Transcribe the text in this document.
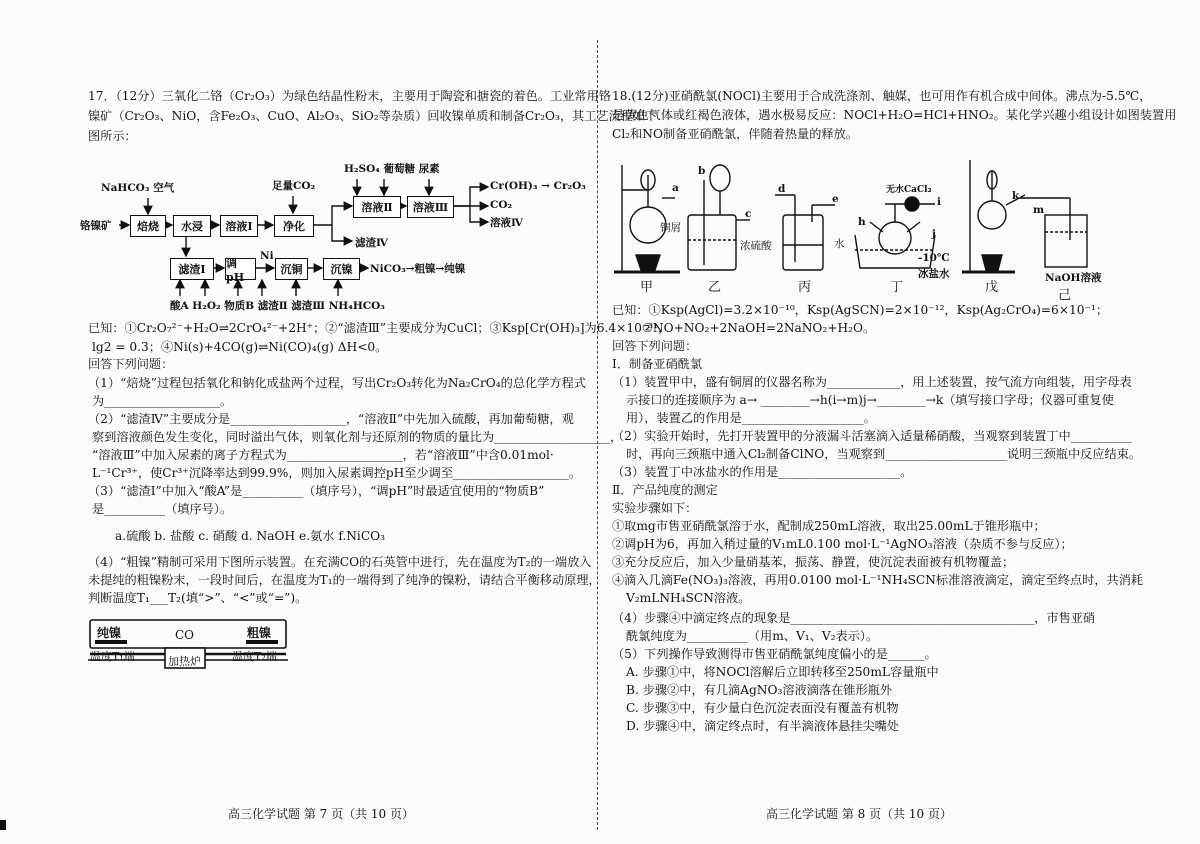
17．（12分）三氧化二铬（Cr₂O₃）为绿色结晶性粉末，主要用于陶瓷和搪瓷的着色。工业常用铬
镍矿（Cr₂O₃、NiO，含Fe₂O₃、CuO、Al₂O₃、SiO₂等杂质）回收镍单质和制备Cr₂O₃，其工艺流程如下
图所示：
NaHCO₃ 空气
铬镍矿	焙烧	水浸	溶液Ⅰ
足量CO₂
净化
H₂SO₄ 葡萄糖 尿素
溶液Ⅱ	溶液Ⅲ
Cr(OH)₃ → Cr₂O₃
CO₂
溶液Ⅳ
滤渣Ⅳ
滤渣Ⅰ	调pH
Ni
沉铜	沉镍	NiCO₃→粗镍→纯镍
酸A H₂O₂ 物质B 滤渣Ⅱ 滤渣Ⅲ NH₄HCO₃
已知：①Cr₂O₇²⁻+H₂O⇌2CrO₄²⁻+2H⁺；②“滤渣Ⅲ”主要成分为CuCl；③Ksp[Cr(OH)₃]为6.4×10⁻³¹，
lg2 = 0.3；④Ni(s)+4CO(g)⇌Ni(CO)₄(g) ΔH<0。
回答下列问题：
（1）“焙烧”过程包括氧化和钠化成盐两个过程，写出Cr₂O₃转化为Na₂CrO₄的总化学方程式
为___________________。
（2）“滤渣Ⅳ”主要成分是___________________，“溶液Ⅱ”中先加入硫酸，再加葡萄糖，观
察到溶液颜色发生变化，同时溢出气体，则氧化剂与还原剂的物质的量比为___________________，
“溶液Ⅲ”中加入尿素的离子方程式为___________________，若“溶液Ⅲ”中含0.01mol·
L⁻¹Cr³⁺，使Cr³⁺沉降率达到99.9%，则加入尿素调控pH至少调至___________________。
（3）“滤渣Ⅰ”中加入“酸A”是__________（填序号），“调pH”时最适宜使用的“物质B”
是__________（填序号）。
a.硫酸 b. 盐酸 c. 硝酸 d. NaOH e.氨水 f.NiCO₃
（4）“粗镍”精制可采用下图所示装置。在充满CO的石英管中进行，先在温度为T₂的一端放入
未提纯的粗镍粉末，一段时间后，在温度为T₁的一端得到了纯净的镍粉，请结合平衡移动原理，
判断温度T₁___T₂(填“>”、“<”或“=”)。
纯镍	CO	粗镍
温度T₁端	加热炉	温度T₂端
高三化学试题 第 7 页（共 10 页）
18.(12分)亚硝酰氯(NOCl)主要用于合成洗涤剂、触媒，也可用作有机合成中间体。沸点为-5.5℃，
是黄色气体或红褐色液体，遇水极易反应：NOCl+H₂O=HCl+HNO₂。某化学兴趣小组设计如图装置用
Cl₂和NO制备亚硝酰氯，伴随着热量的释放。
a
b
c
d
e
h
i
j
k
m
铜屑
浓硫酸	水
无水CaCl₂
-10℃
冰盐水	NaOH溶液
甲	乙	丙	丁	戊
己
已知：①Ksp(AgCl)=3.2×10⁻¹⁰，Ksp(AgSCN)=2×10⁻¹²，Ksp(Ag₂CrO₄)=6×10⁻¹；
②NO+NO₂+2NaOH=2NaNO₂+H₂O。
回答下列问题：
Ⅰ．制备亚硝酰氯
（1）装置甲中，盛有铜屑的仪器名称为____________，用上述装置，按气流方向组装，用字母表
示接口的连接顺序为 a→ ________→h(i→m)j→________→k（填写接口字母；仪器可重复使
用），装置乙的作用是____________________。
（2）实验开始时，先打开装置甲的分液漏斗活塞滴入适量稀硝酸，当观察到装置丁中__________
时，再向三颈瓶中通入Cl₂制备ClNO，当观察到____________________说明三颈瓶中反应结束。
（3）装置丁中冰盐水的作用是____________________。
Ⅱ．产品纯度的测定
实验步骤如下：
①取mg市售亚硝酰氯溶于水，配制成250mL溶液，取出25.00mL于锥形瓶中；
②调pH为6，再加入稍过量的V₁mL0.100 mol·L⁻¹AgNO₃溶液（杂质不参与反应）；
③充分反应后，加入少量硝基苯，振荡、静置，使沉淀表面被有机物覆盖；
④滴入几滴Fe(NO₃)₃溶液，再用0.0100 mol·L⁻¹NH₄SCN标准溶液滴定，滴定至终点时，共消耗
V₂mLNH₄SCN溶液。
（4）步骤④中滴定终点的现象是________________________________________，市售亚硝
酰氯纯度为__________（用m、V₁、V₂表示）。
（5）下列操作导致测得市售亚硝酰氯纯度偏小的是______。
A. 步骤①中，将NOCl溶解后立即转移至250mL容量瓶中
B. 步骤②中，有几滴AgNO₃溶液滴落在锥形瓶外
C. 步骤③中，有少量白色沉淀表面没有覆盖有机物
D. 步骤④中，滴定终点时，有半滴液体悬挂尖嘴处
高三化学试题 第 8 页（共 10 页）
